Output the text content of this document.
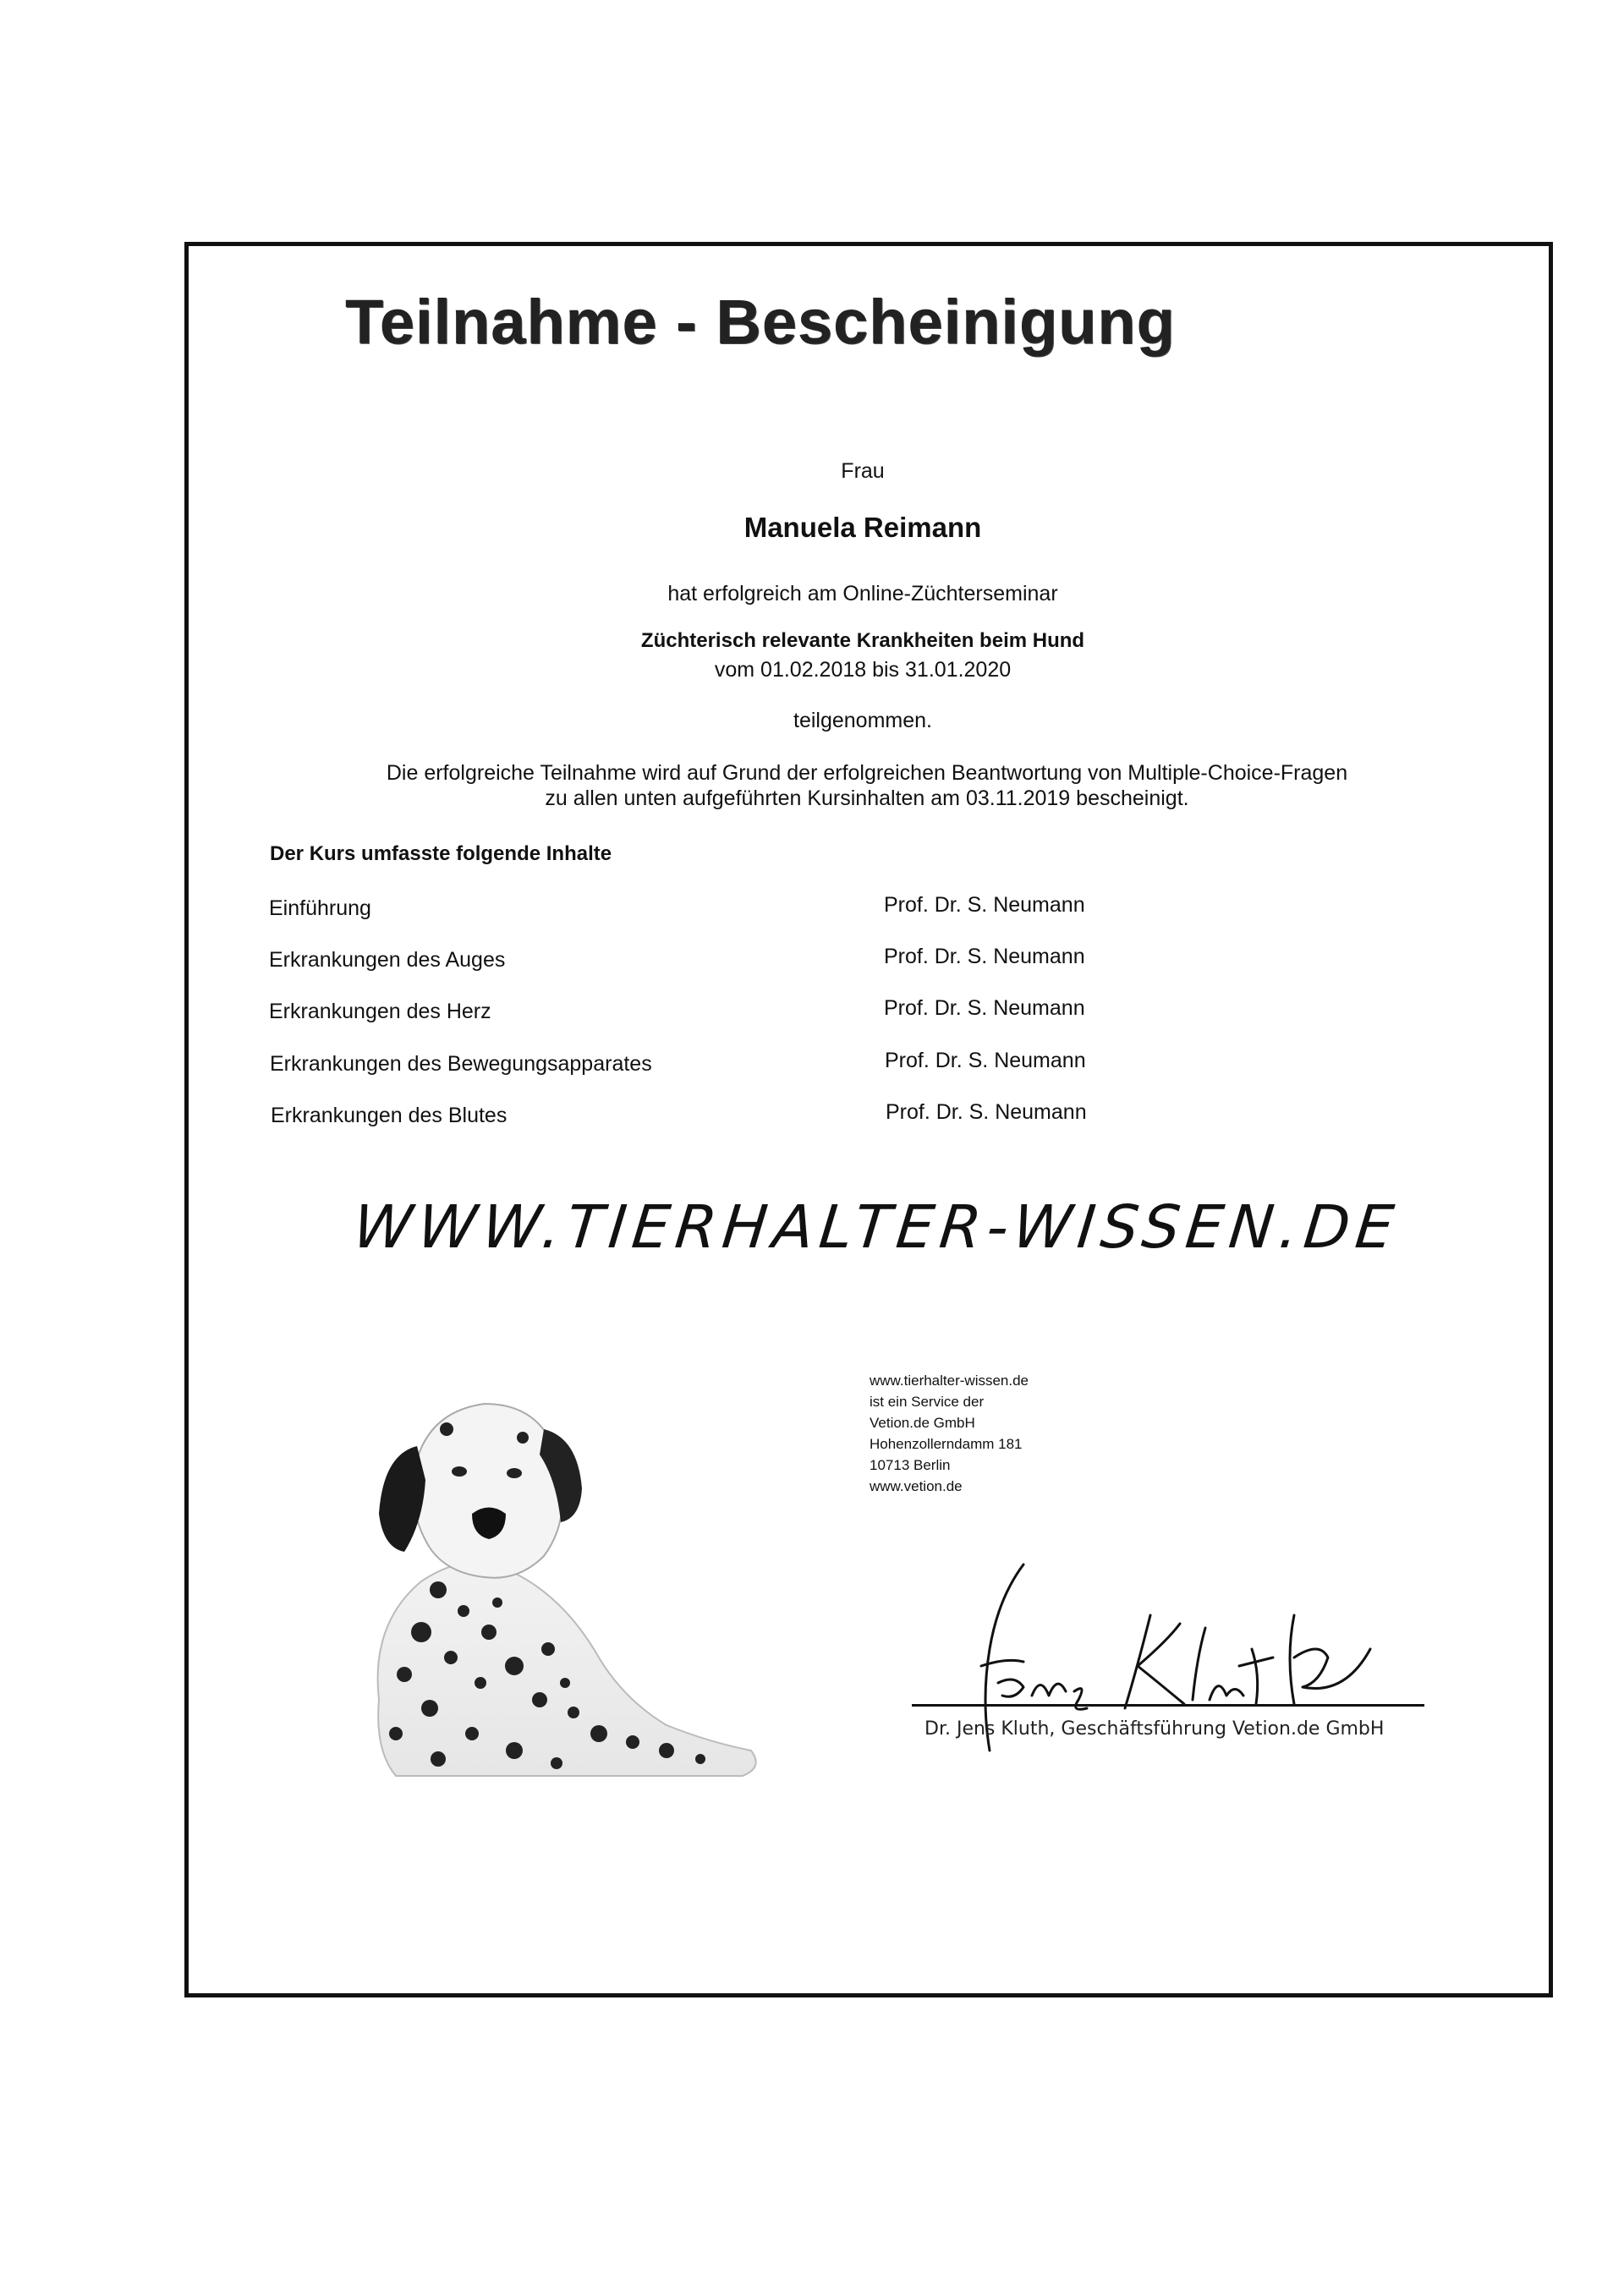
Teilnahme - Bescheinigung
Frau
Manuela Reimann
hat erfolgreich am Online-Züchterseminar
Züchterisch relevante Krankheiten beim Hund
vom 01.02.2018 bis 31.01.2020
teilgenommen.
Die erfolgreiche Teilnahme wird auf Grund der erfolgreichen Beantwortung von Multiple-Choice-Fragen
zu allen unten aufgeführten Kursinhalten am 03.11.2019 bescheinigt.
Der Kurs umfasste folgende Inhalte
Einführung	Prof. Dr. S. Neumann
Erkrankungen des Auges	Prof. Dr. S. Neumann
Erkrankungen des Herz	Prof. Dr. S. Neumann
Erkrankungen des Bewegungsapparates	Prof. Dr. S. Neumann
Erkrankungen des Blutes	Prof. Dr. S. Neumann
WWW.TIERHALTER-WISSEN.DE
www.tierhalter-wissen.de
ist ein Service der
Vetion.de GmbH
Hohenzollerndamm 181
10713 Berlin
www.vetion.de
Dr. Jens Kluth, Geschäftsführung Vetion.de GmbH
